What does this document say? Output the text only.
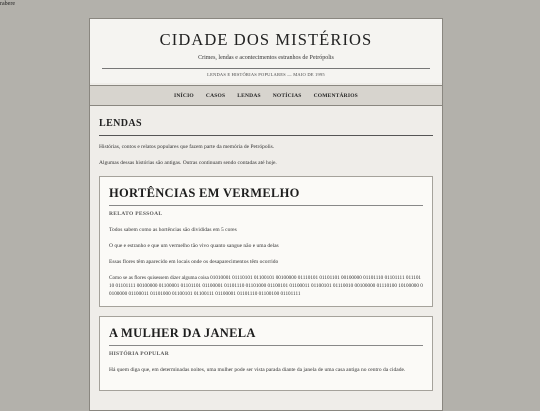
rabere
CIDADE DOS MISTÉRIOS
Crimes, lendas e acontecimentos estranhos de Petrópolis
LENDAS E HISTÓRIAS POPULARES — MAIO DE 1995
INÍCIO CASOS LENDAS NOTÍCIAS COMENTÁRIOS
LENDAS

Histórias, contos e relatos populares que fazem parte da memória de Petrópolis.

Algumas dessas histórias são antigas. Outras continuam sendo contadas até hoje.

HORTÊNCIAS EM VERMELHO

RELATO PESSOAL

Todos sabem como as hortências são divididas em 5 cores

O que e estranho e que um vermelho tão vivo quanto sangue não e uma delas

Essas flores têm aparecido em locais onde os desaparecimentos têm ocorrido

Como se as flores quisessem dizer alguma coisa 01010001 01110101 01100101 00100000 01110101 01101101 00100000 01101110 01101111 01110110 01101111 00100000 01100001 01101101 01100001 01101110 01101000 01100101 01100011 01100101 01110010 00100000 01110100 10100000 00100000 01100011 01101000 01100101 01100111 01100001 01101110 01100100 01101111

A MULHER DA JANELA

HISTÓRIA POPULAR

Há quem diga que, em determinadas noites, uma mulher pode ser vista parada diante da janela de uma casa antiga no centro da cidade.
